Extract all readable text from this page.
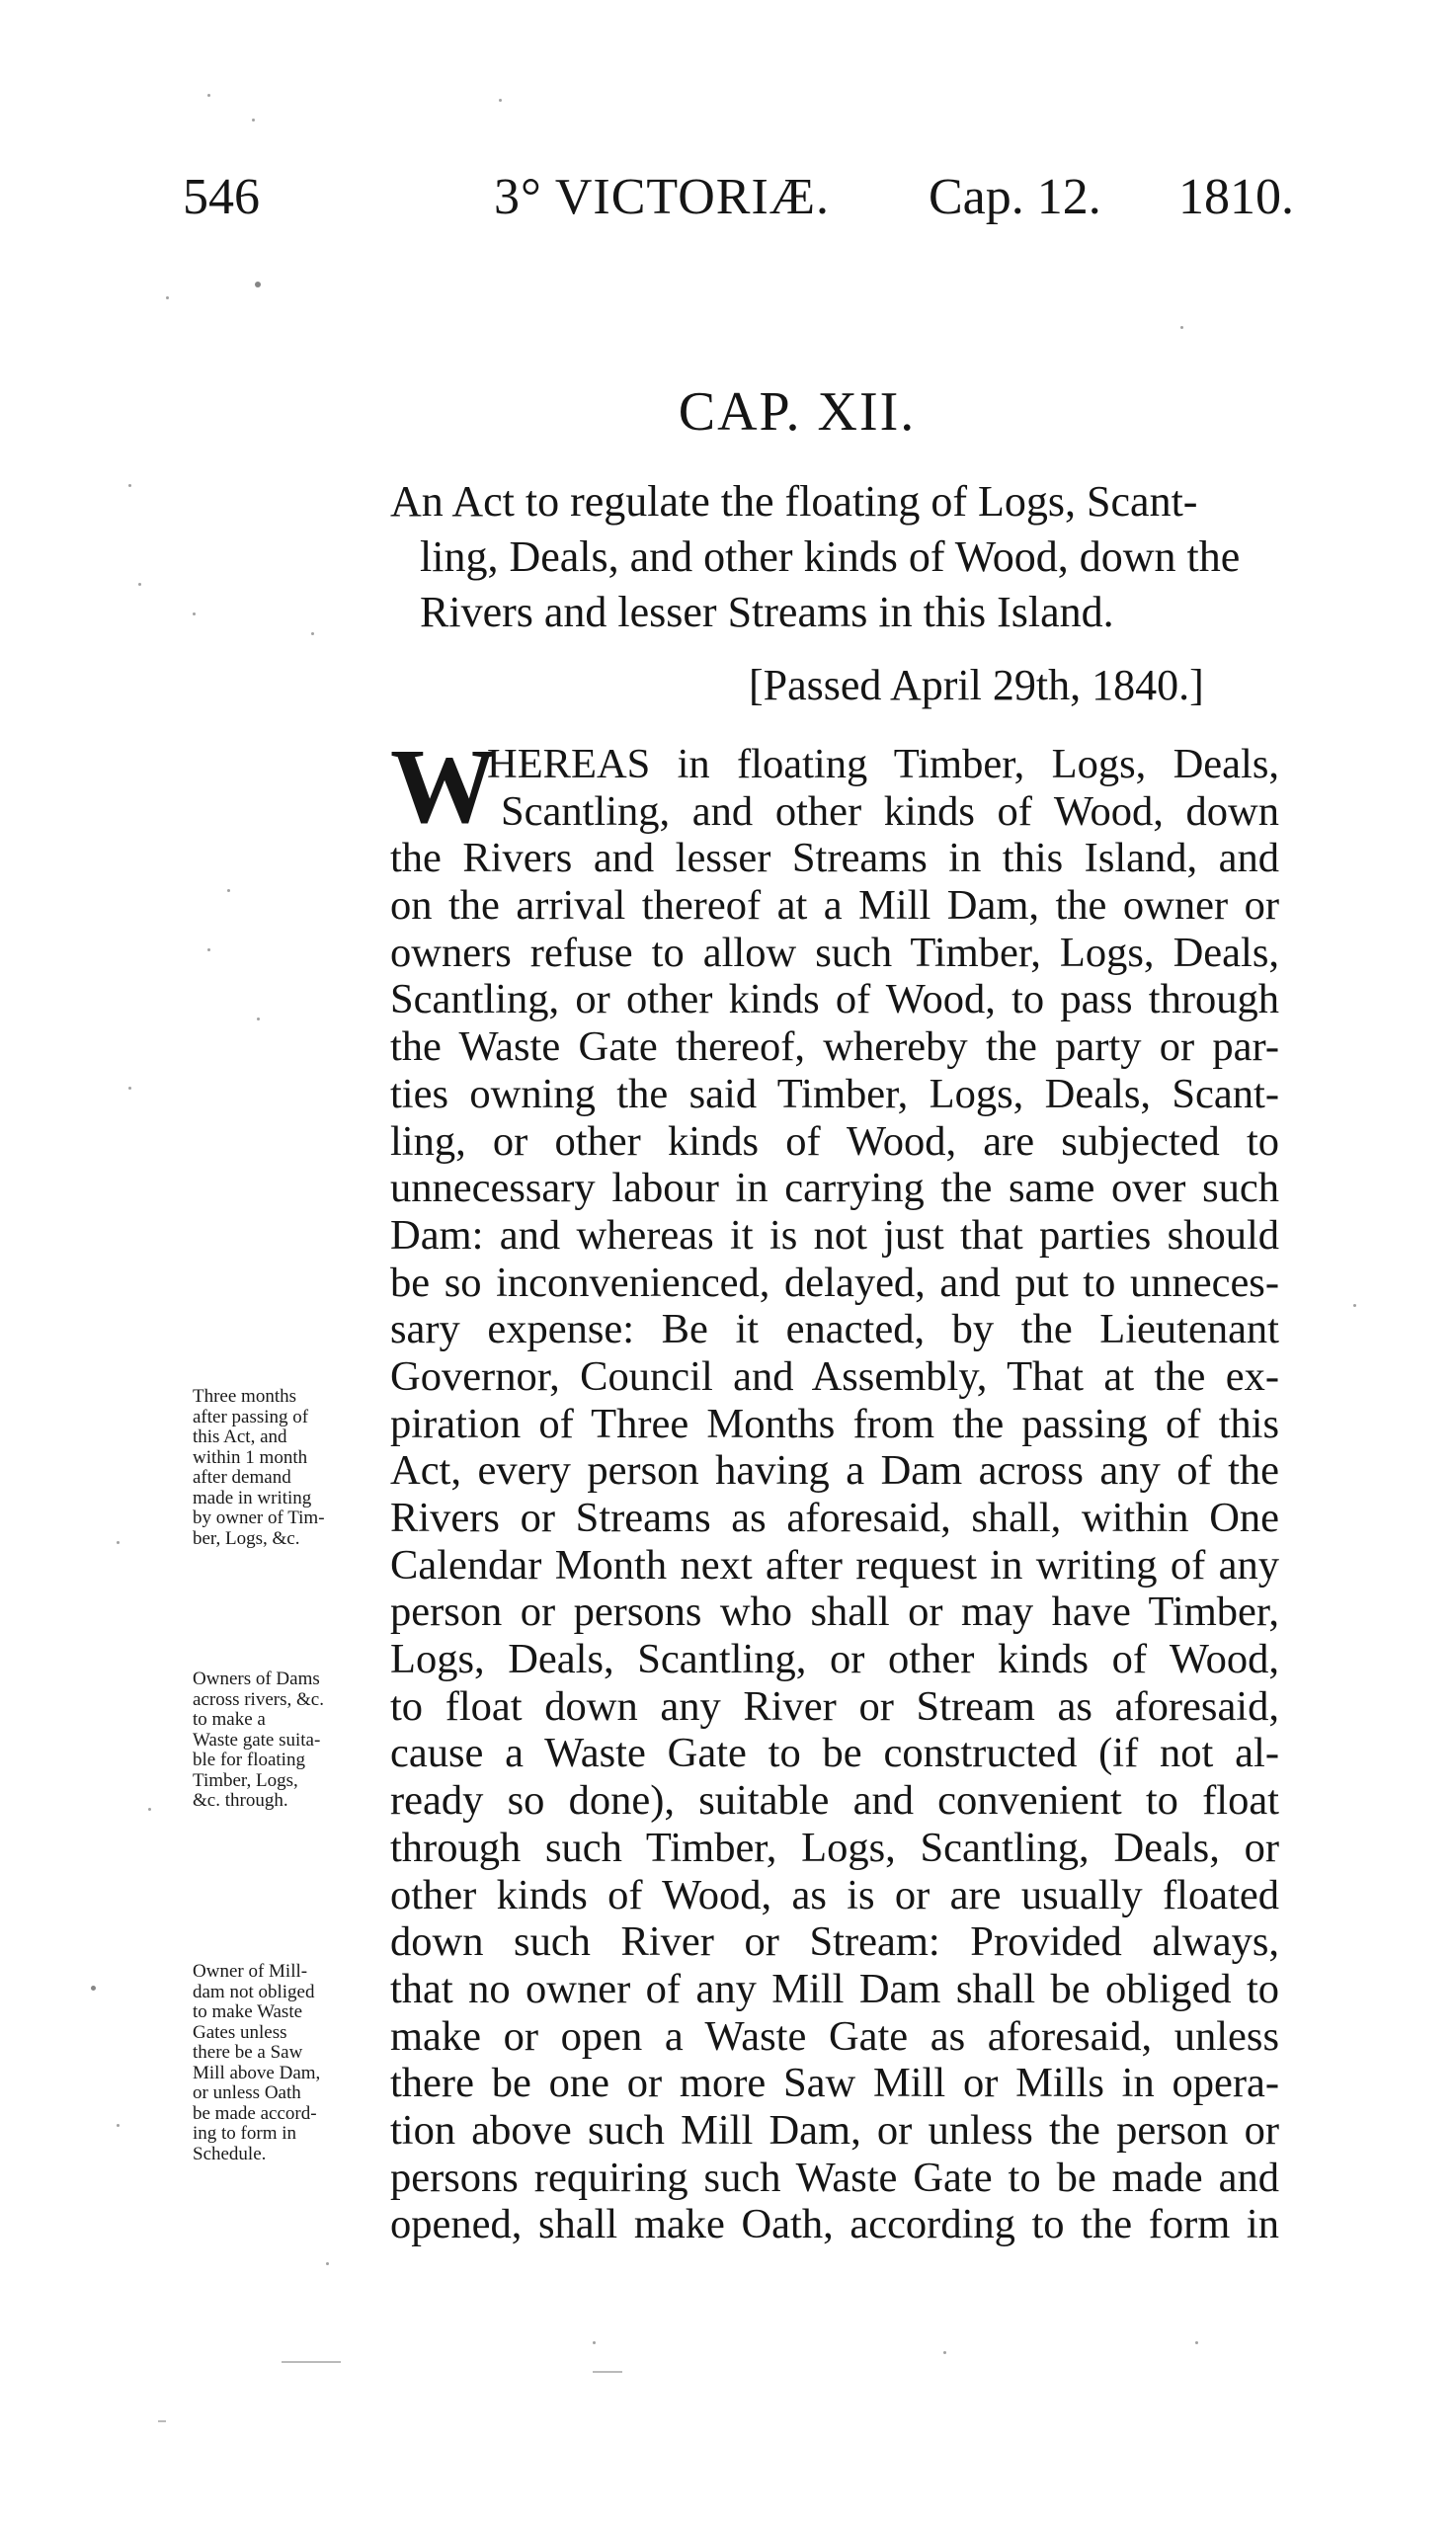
546	3° VICTORIÆ. Cap. 12. 1810.
CAP. XII.
An Act to regulate the floating of Logs, Scant-
ling, Deals, and other kinds of Wood, down the
Rivers and lesser Streams in this Island.
[Passed April 29th, 1840.]
W
HEREAS in floating Timber, Logs, Deals,
Scantling, and other kinds of Wood, down
the Rivers and lesser Streams in this Island, and
on the arrival thereof at a Mill Dam, the owner or
owners refuse to allow such Timber, Logs, Deals,
Scantling, or other kinds of Wood, to pass through
the Waste Gate thereof, whereby the party or par-
ties owning the said Timber, Logs, Deals, Scant-
ling, or other kinds of Wood, are subjected to
unnecessary labour in carrying the same over such
Dam: and whereas it is not just that parties should
be so inconvenienced, delayed, and put to unneces-
sary expense: Be it enacted, by the Lieutenant
Governor, Council and Assembly, That at the ex-
piration of Three Months from the passing of this
Act, every person having a Dam across any of the
Rivers or Streams as aforesaid, shall, within One
Calendar Month next after request in writing of any
person or persons who shall or may have Timber,
Logs, Deals, Scantling, or other kinds of Wood,
to float down any River or Stream as aforesaid,
cause a Waste Gate to be constructed (if not al-
ready so done), suitable and convenient to float
through such Timber, Logs, Scantling, Deals, or
other kinds of Wood, as is or are usually floated
down such River or Stream: Provided always,
that no owner of any Mill Dam shall be obliged to
make or open a Waste Gate as aforesaid, unless
there be one or more Saw Mill or Mills in opera-
tion above such Mill Dam, or unless the person or
persons requiring such Waste Gate to be made and
opened, shall make Oath, according to the form in
Three months
after passing of
this Act, and
within 1 month
after demand
made in writing
by owner of Tim-
ber, Logs, &c.
Owners of Dams
across rivers, &c.
to make a
Waste gate suita-
ble for floating
Timber, Logs,
&c. through.
Owner of Mill-
dam not obliged
to make Waste
Gates unless
there be a Saw
Mill above Dam,
or unless Oath
be made accord-
ing to form in
Schedule.
